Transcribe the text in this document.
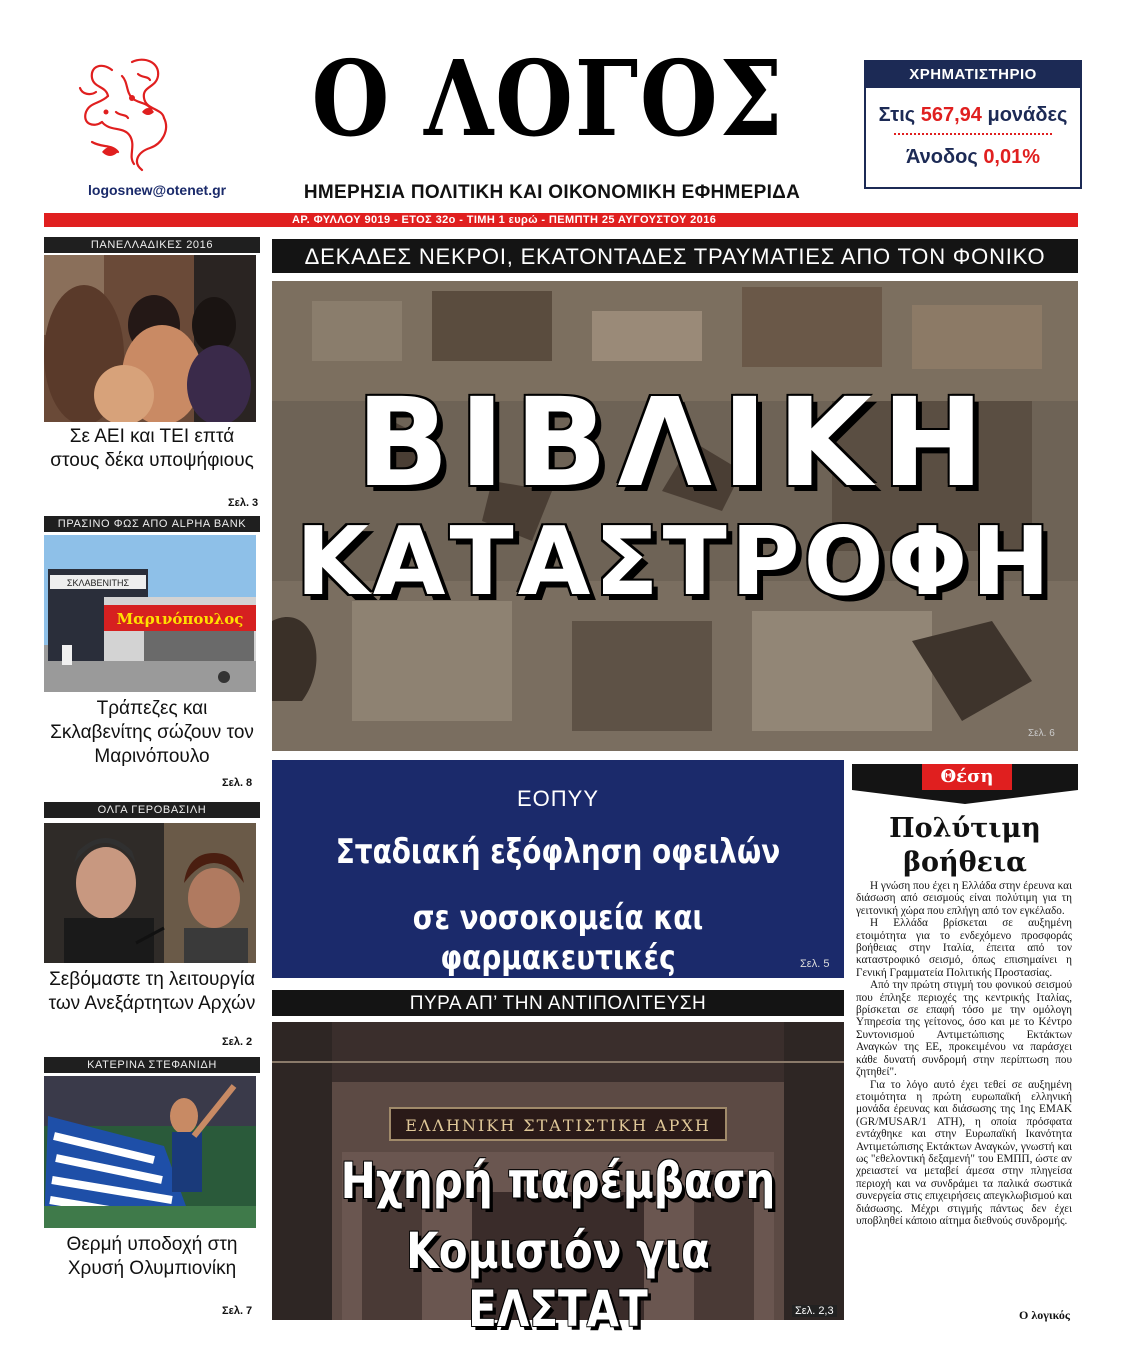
logosnew@otenet.gr
Ο ΛΟΓΟΣ
ΗΜΕΡΗΣΙΑ ΠΟΛΙΤΙΚΗ ΚΑΙ ΟΙΚΟΝΟΜΙΚΗ ΕΦΗΜΕΡΙΔΑ
ΑΡ. ΦΥΛΛΟΥ 9019 - ΕΤΟΣ 32ο - ΤΙΜΗ 1 ευρώ - ΠΕΜΠΤΗ 25 ΑΥΓΟΥΣΤΟΥ 2016
ΧΡΗΜΑΤΙΣΤΗΡΙΟ
Στις 567,94 μονάδες
Άνοδος 0,01%
ΠΑΝΕΛΛΑΔΙΚΕΣ 2016
Σε ΑΕΙ και ΤΕΙ επτά στους δέκα υποψήφιους
Σελ. 3
ΠΡΑΣΙΝΟ ΦΩΣ ΑΠΟ ALPHA BANK
ΣΚΛΑΒΕΝΙΤΗΣ
Μαρινόπουλος
Τράπεζες και Σκλαβενίτης σώζουν τον Μαρινόπουλο
Σελ. 8
ΟΛΓΑ ΓΕΡΟΒΑΣΙΛΗ
Σεβόμαστε τη λειτουργία των Ανεξάρτητων Αρχών
Σελ. 2
ΚΑΤΕΡΙΝΑ ΣΤΕΦΑΝΙΔΗ
Θερμή υποδοχή στη Χρυσή Ολυμπιονίκη
Σελ. 7
ΔΕΚΑΔΕΣ ΝΕΚΡΟΙ, ΕΚΑΤΟΝΤΑΔΕΣ ΤΡΑΥΜΑΤΙΕΣ ΑΠΟ ΤΟΝ ΦΟΝΙΚΟ
ΒΙΒΛΙΚΗ
ΚΑΤΑΣΤΡΟΦΗ
Σελ. 6
ΕΟΠΥΥ
Σταδιακή εξόφληση οφειλών
σε νοσοκομεία και φαρμακευτικές	Σελ. 5
ΠΥΡΑ ΑΠ’ ΤΗΝ ΑΝΤΙΠΟΛΙΤΕΥΣΗ
ΕΛΛΗΝΙΚΗ ΣΤΑΤΙΣΤΙΚΗ ΑΡΧΗ
Ηχηρή παρέμβαση
Κομισιόν για ΕΛΣΤΑΤ	Σελ. 2,3
Θέση
Πολύτιμη
βοήθεια

Η γνώση που έχει η Ελλάδα στην έρευνα και διάσωση από σεισμούς είναι πολύτιμη για τη γειτονική χώρα που επλήγη από τον εγκέλαδο.

Η Ελλάδα βρίσκεται σε αυξημένη ετοιμότητα για το ενδεχόμενο προσφοράς βοήθειας στην Ιταλία, έπειτα από τον καταστροφικό σεισμό, όπως επισημαίνει η Γενική Γραμματεία Πολιτικής Προστασίας.

Από την πρώτη στιγμή του φονικού σεισμού που έπληξε περιοχές της κεντρικής Ιταλίας, βρίσκεται σε επαφή τόσο με την ομόλογη Υπηρεσία της γείτονος, όσο και με το Κέντρο Συντονισμού Αντιμετώπισης Εκτάκτων Αναγκών της ΕΕ, προκειμένου να παράσχει κάθε δυνατή συνδρομή στην περίπτωση που ζητηθεί".

Για το λόγο αυτό έχει τεθεί σε αυξημένη ετοιμότητα η πρώτη ευρωπαϊκή ελληνική μονάδα έρευνας και διάσωσης της 1ης ΕΜΑΚ (GR/MUSAR/1 ΑΤΗ), η οποία πρόσφατα εντάχθηκε και στην Ευρωπαϊκή Ικανότητα Αντιμετώπισης Εκτάκτων Αναγκών, γνωστή και ως "εθελοντική δεξαμενή" του ΕΜΠΠ, ώστε αν χρειαστεί να μεταβεί άμεσα στην πληγείσα περιοχή και να συνδράμει τα παλικά σωστικά συνεργεία στις επιχειρήσεις απεγκλωβισμού και διάσωσης. Μέχρι στιγμής πάντως δεν έχει υποβληθεί κάποιο αίτημα διεθνούς συνδρομής.

Ο λογικός
